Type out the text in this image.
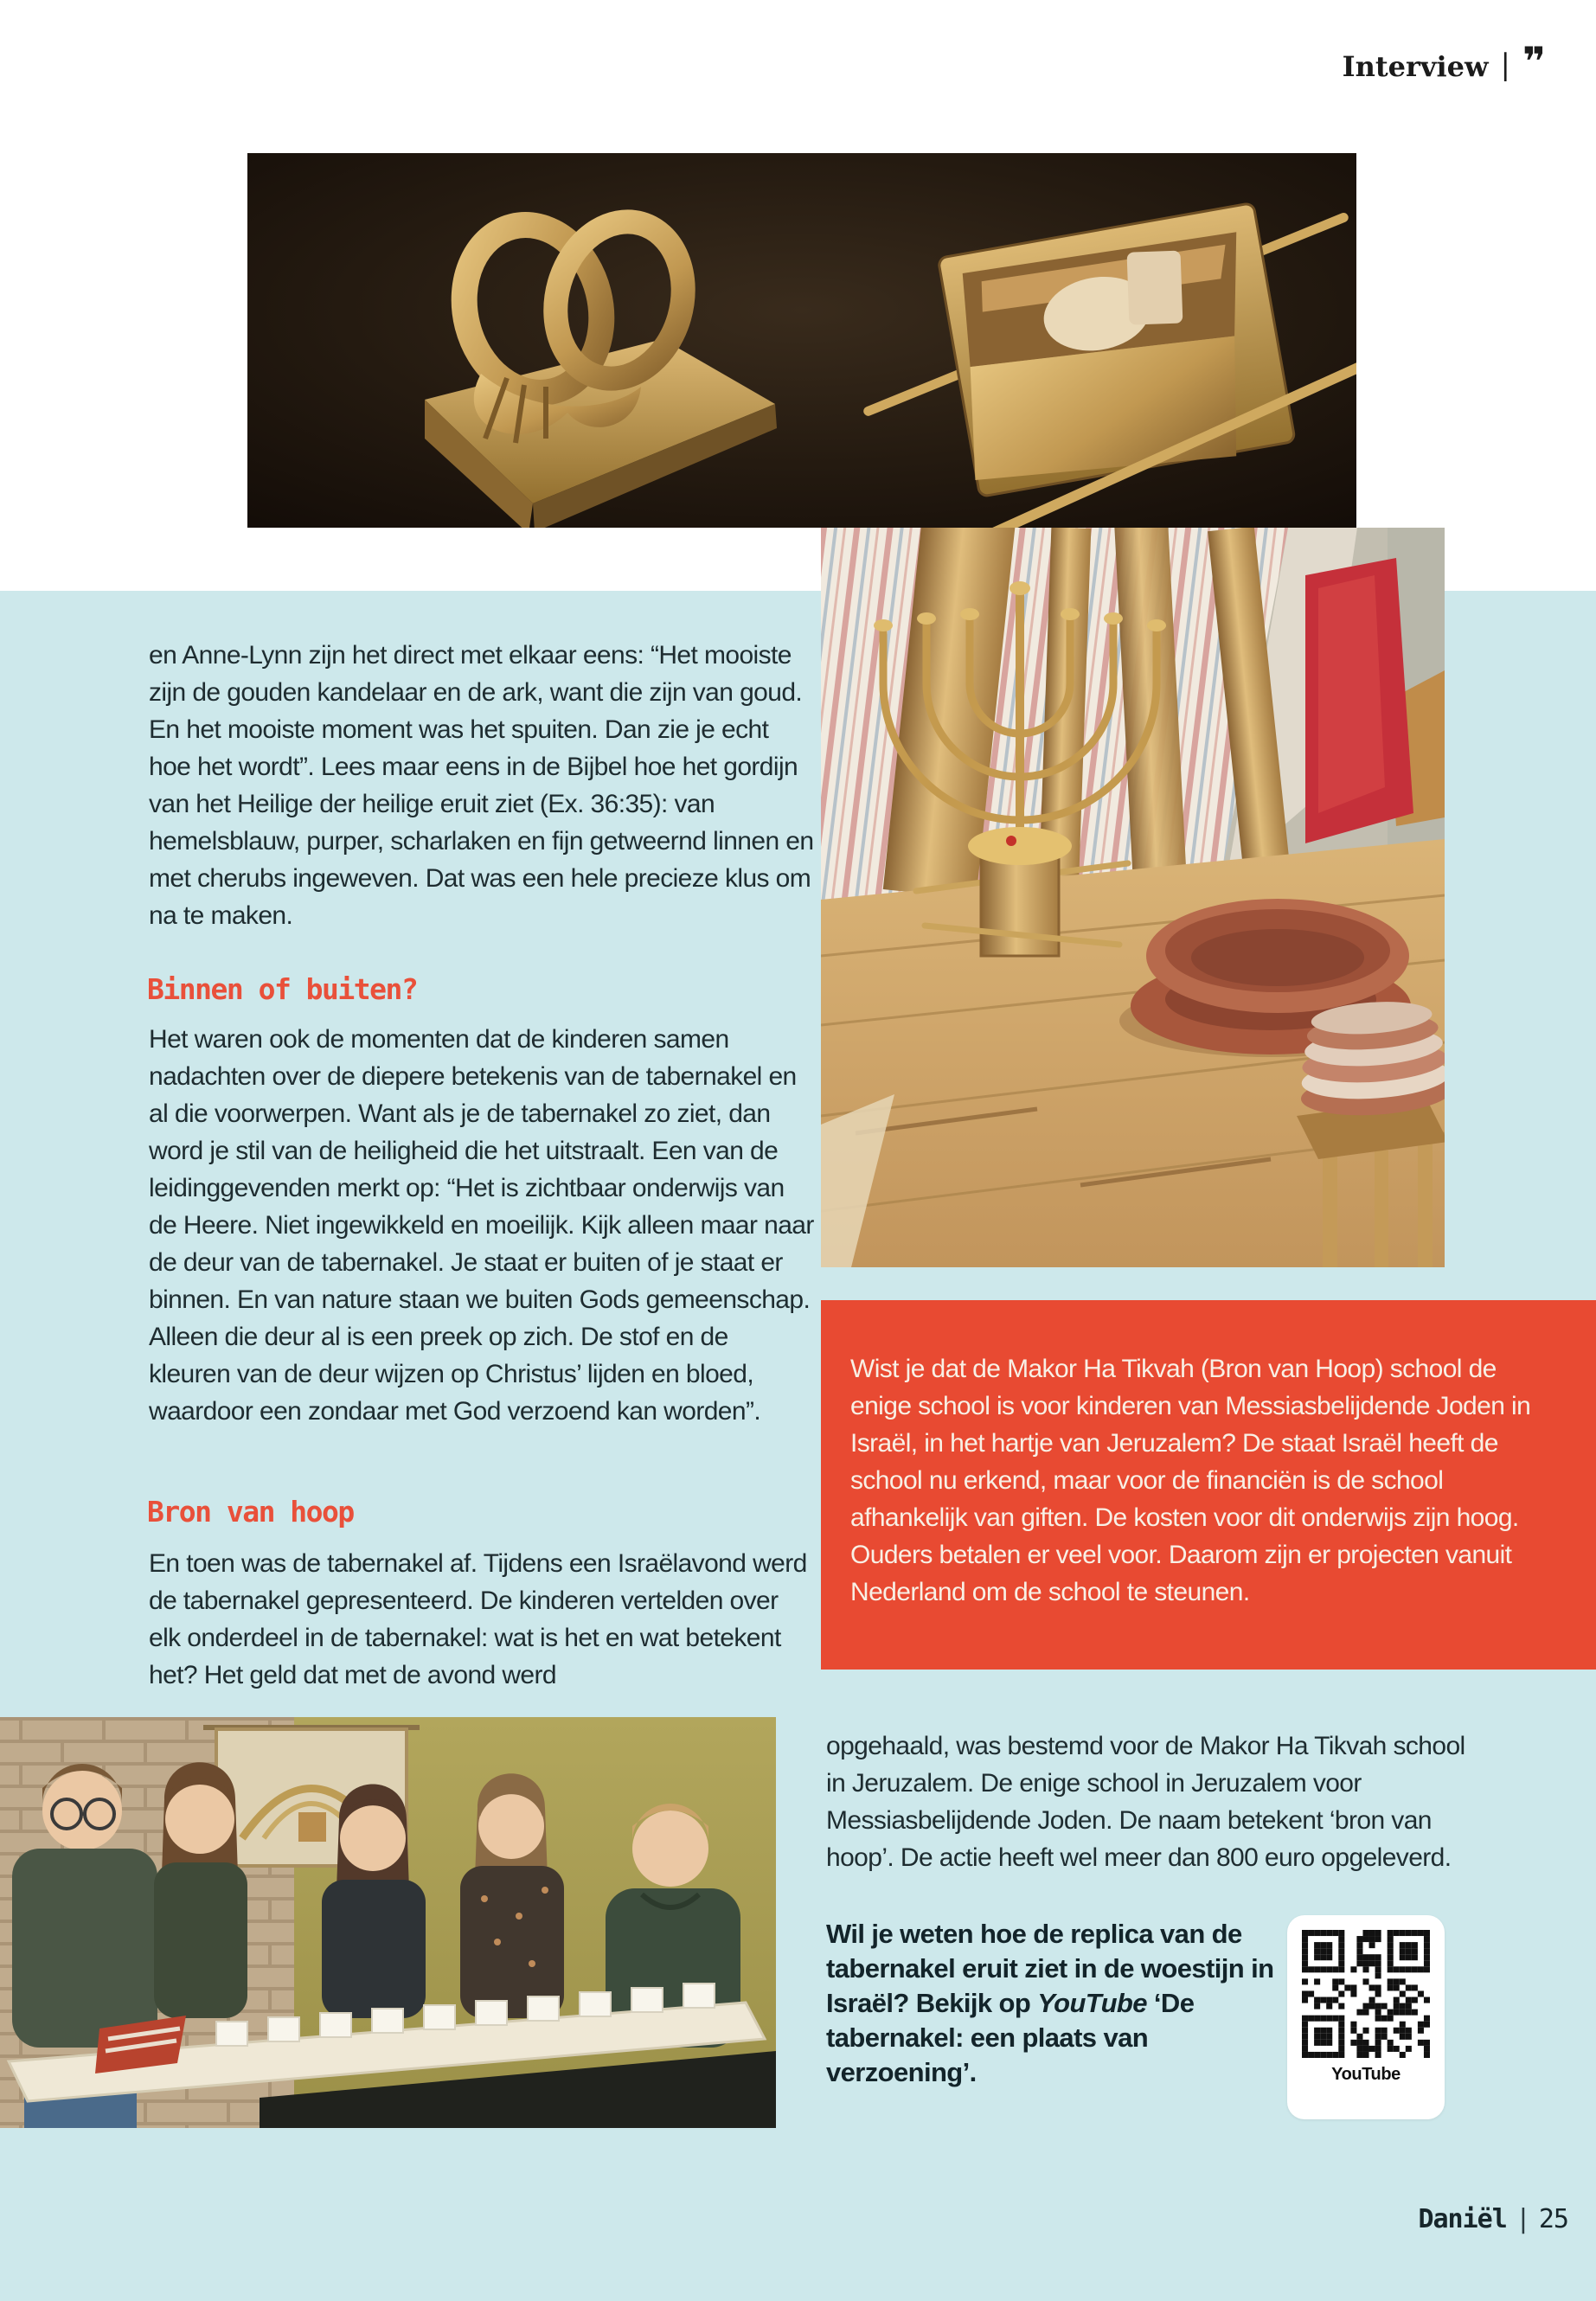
Interview | ❞

en Anne-Lynn zijn het direct met elkaar eens: “Het mooiste zijn de gouden kandelaar en de ark, want die zijn van goud. En het mooiste moment was het spuiten. Dan zie je echt hoe het wordt”. Lees maar eens in de Bijbel hoe het gordijn van het Heilige der heilige eruit ziet (Ex. 36:35): van hemelsblauw, purper, scharlaken en fijn getweernd linnen en met cherubs ingeweven. Dat was een hele precieze klus om na te maken.

Binnen of buiten?

Het waren ook de momenten dat de kinderen samen nadachten over de diepere betekenis van de tabernakel en al die voorwerpen. Want als je de tabernakel zo ziet, dan word je stil van de heiligheid die het uitstraalt. Een van de leidinggevenden merkt op: “Het is zichtbaar onderwijs van de Heere. Niet ingewikkeld en moeilijk. Kijk alleen maar naar de deur van de tabernakel. Je staat er buiten of je staat er binnen. En van nature staan we buiten Gods gemeenschap. Alleen die deur al is een preek op zich. De stof en de kleuren van de deur wijzen op Christus’ lijden en bloed, waardoor een zondaar met God verzoend kan worden”.

Bron van hoop

En toen was de tabernakel af. Tijdens een Israëlavond werd de tabernakel gepresenteerd. De kinderen vertelden over elk onderdeel in de tabernakel: wat is het en wat betekent het? Het geld dat met de avond werd

Wist je dat de Makor Ha Tikvah (Bron van Hoop) school de enige school is voor kinderen van Messiasbelijdende Joden in Israël, in het hartje van Jeruzalem? De staat Israël heeft de school nu erkend, maar voor de financiën is de school afhankelijk van giften. De kosten voor dit onderwijs zijn hoog. Ouders betalen er veel voor. Daarom zijn er projecten vanuit Nederland om de school te steunen.

opgehaald, was bestemd voor de Makor Ha Tikvah school in Jeruzalem. De enige school in Jeruzalem voor Messiasbelijdende Joden. De naam betekent ‘bron van hoop’. De actie heeft wel meer dan 800 euro opgeleverd.

Wil je weten hoe de replica van de tabernakel eruit ziet in de woestijn in Israël? Bekijk op YouTube ‘De tabernakel: een plaats van verzoening’.	YouTube
Daniël | 25
